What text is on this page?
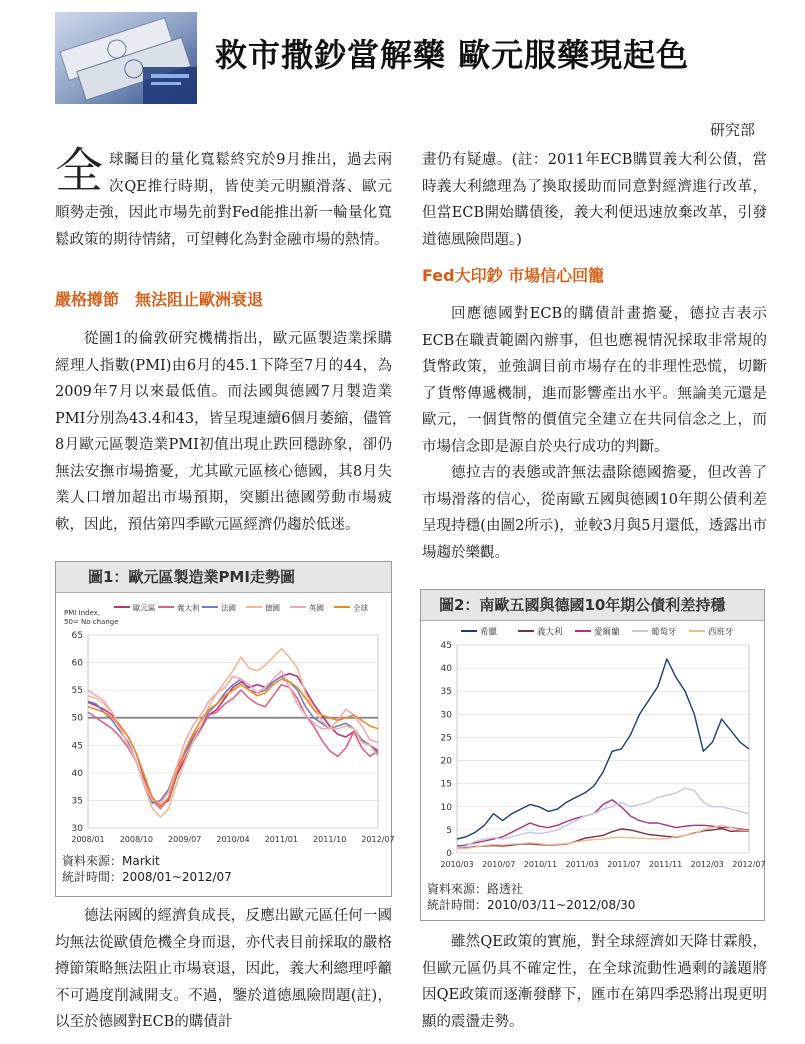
救市撒鈔當解藥 歐元服藥現起色
研究部
全 球矚目的量化寬鬆終究於9月推出，過去兩次QE推行時期，皆使美元明顯滑落、歐元順勢走強，因此市場先前對Fed能推出新一輪量化寬鬆政策的期待情緒，可望轉化為對金融市場的熱情。

嚴格撙節　無法阻止歐洲衰退

從圖1的倫敦研究機構指出，歐元區製造業採購經理人指數(PMI)由6月的45.1下降至7月的44，為2009年7月以來最低值。而法國與德國7月製造業PMI分別為43.4和43，皆呈現連續6個月萎縮，儘管8月歐元區製造業PMI初值出現止跌回穩跡象，卻仍無法安撫市場擔憂，尤其歐元區核心德國，其8月失業人口增加超出市場預期，突顯出德國勞動市場疲軟，因此，預估第四季歐元區經濟仍趨於低迷。

圖1：歐元區製造業PMI走勢圖
30
35
40
45
50
55
60
65
2008/01 2008/10 2009/07 2010/04 2011/01 2011/10 2012/07
歐元區	義大利	法國	德國	英國	全球
PMI Index,
50= No change
資料來源：Markit
統計時間：2008/01~2012/07

德法兩國的經濟負成長，反應出歐元區任何一國均無法從歐債危機全身而退，亦代表目前採取的嚴格撙節策略無法阻止市場衰退，因此，義大利總理呼籲不可過度削減開支。不過，鑒於道德風險問題(註)，以至於德國對ECB的購債計

畫仍有疑慮。(註：2011年ECB購買義大利公債，當時義大利總理為了換取援助而同意對經濟進行改革，但當ECB開始購債後，義大利便迅速放棄改革，引發道德風險問題。)

Fed大印鈔 市場信心回籠

回應德國對ECB的購債計畫擔憂，德拉吉表示ECB在職責範圍內辦事，但也應視情況採取非常規的貨幣政策，並強調目前市場存在的非理性恐慌，切斷了貨幣傳遞機制，進而影響產出水平。無論美元還是歐元，一個貨幣的價值完全建立在共同信念之上，而市場信念即是源自於央行成功的判斷。

德拉吉的表態或許無法盡除德國擔憂，但改善了市場滑落的信心，從南歐五國與德國10年期公債利差呈現持穩(由圖2所示)，並較3月與5月還低，透露出市場趨於樂觀。

圖2：南歐五國與德國10年期公債利差持穩
0
5
10
15
20
25
30
35
40
45
2010/03 2010/07 2010/11 2011/03 2011/07 2011/11 2012/03 2012/07
希臘	義大利	愛爾蘭	葡萄牙	西班牙
資料來源：路透社
統計時間：2010/03/11~2012/08/30

雖然QE政策的實施，對全球經濟如天降甘霖般，但歐元區仍具不確定性，在全球流動性過剩的議題將因QE政策而逐漸發酵下，匯市在第四季恐將出現更明顯的震盪走勢。
